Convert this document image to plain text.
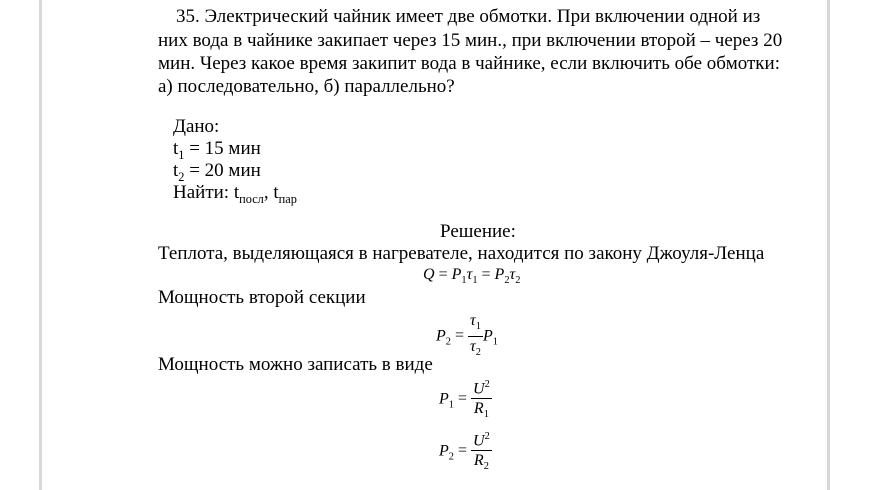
35. Электрический чайник имеет две обмотки. При включении одной из
них вода в чайнике закипает через 15 мин., при включении второй – через 20
мин. Через какое время закипит вода в чайнике, если включить обе обмотки:
а) последовательно, б) параллельно?
Дано:
$t_1 = 15$ мин
$t_2 = 20$ мин
Найти: $t_{посл}$, $t_{пар}$
Решение:
Теплота, выделяющаяся в нагревателе, находится по закону Джоуля-Ленца
$Q = P_1\tau_1 = P_2\tau_2$
Мощность второй секции
$P_2 = \frac{\tau_1}{\tau_2} P_1$
Мощность можно записать в виде
$P_1 = \frac{U^2}{R_1}$
$P_2 = \frac{U^2}{R_2}$
